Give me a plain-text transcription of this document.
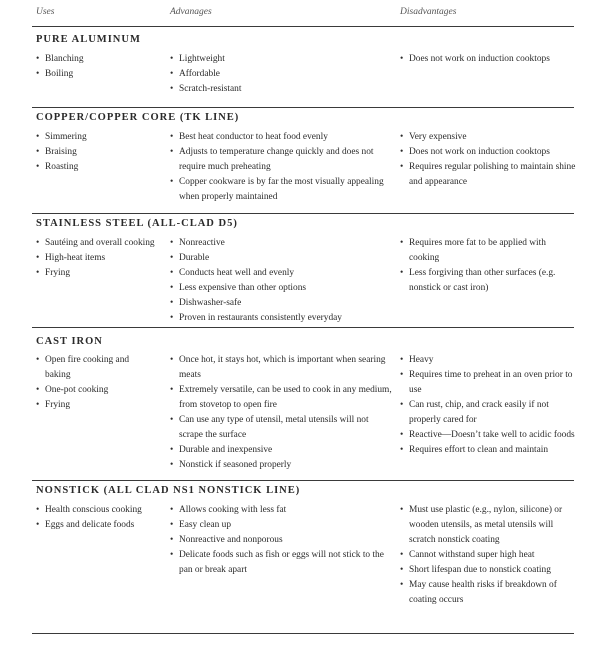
Uses	Advanages	Disadvantages
PURE ALUMINUM
• Blanching
• Boiling
• Lightweight
• Affordable
• Scratch-resistant
• Does not work on induction cooktops
COPPER/COPPER CORE (TK LINE)
• Simmering
• Braising
• Roasting
• Best heat conductor to heat food evenly
• Adjusts to temperature change quickly and does not require much preheating
• Copper cookware is by far the most visually appealing when properly maintained
• Very expensive
• Does not work on induction cooktops
• Requires regular polishing to maintain shine and appearance
STAINLESS STEEL (ALL-CLAD D5)
• Sautéing and overall cooking
• High-heat items
• Frying
• Nonreactive
• Durable
• Conducts heat well and evenly
• Less expensive than other options
• Dishwasher-safe
• Proven in restaurants consistently everyday
• Requires more fat to be applied with cooking
• Less forgiving than other surfaces (e.g. nonstick or cast iron)
CAST IRON
• Open fire cooking and baking
• One-pot cooking
• Frying
• Once hot, it stays hot, which is important when searing meats
• Extremely versatile, can be used to cook in any medium, from stovetop to open fire
• Can use any type of utensil, metal utensils will not scrape the surface
• Durable and inexpensive
• Nonstick if seasoned properly
• Heavy
• Requires time to preheat in an oven prior to use
• Can rust, chip, and crack easily if not properly cared for
• Reactive—Doesn’t take well to acidic foods
• Requires effort to clean and maintain
NONSTICK (ALL CLAD NS1 NONSTICK LINE)
• Health conscious cooking
• Eggs and delicate foods
• Allows cooking with less fat
• Easy clean up
• Nonreactive and nonporous
• Delicate foods such as fish or eggs will not stick to the pan or break apart
• Must use plastic (e.g., nylon, silicone) or wooden utensils, as metal utensils will scratch nonstick coating
• Cannot withstand super high heat
• Short lifespan due to nonstick coating
• May cause health risks if breakdown of coating occurs
